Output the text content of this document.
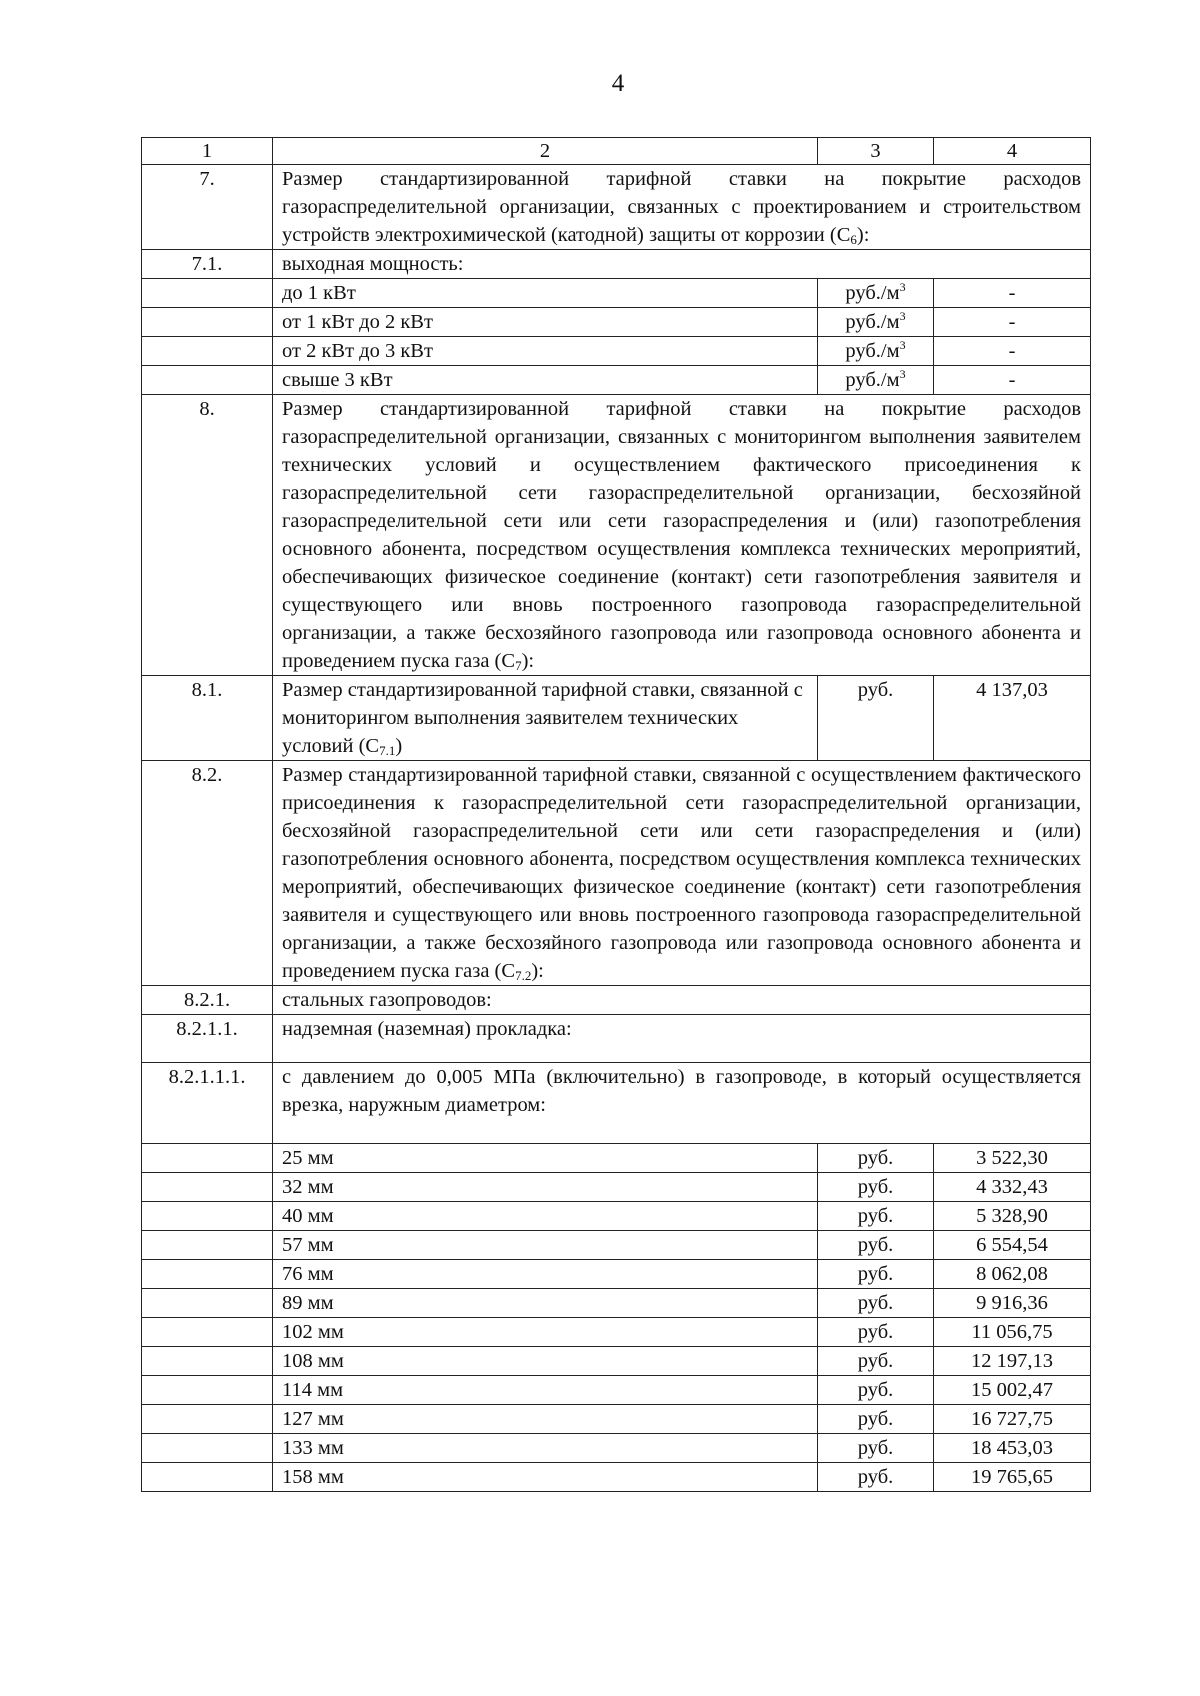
4
1	2	3	4
7.	Размер стандартизированной тарифной ставки на покрытие расходов газораспределительной организации, связанных с проектированием и строительством устройств электрохимической (катодной) защиты от коррозии $(C_6)$:		
7.1.	выходная мощность:		
	до 1 кВт	$руб./м^3$	-
	от 1 кВт до 2 кВт	$руб./м^3$	-
	от 2 кВт до 3 кВт	$руб./м^3$	-
	свыше 3 кВт	$руб./м^3$	-
8.	Размер стандартизированной тарифной ставки на покрытие расходов газораспределительной организации, связанных с мониторингом выполнения заявителем технических условий и осуществлением фактического присоединения к газораспределительной сети газораспределительной организации, бесхозяйной газораспределительной сети или сети газораспределения и (или) газопотребления основного абонента, посредством осуществления комплекса технических мероприятий, обеспечивающих физическое соединение (контакт) сети газопотребления заявителя и существующего или вновь построенного газопровода газораспределительной организации, а также бесхозяйного газопровода или газопровода основного абонента и проведением пуска газа $(C_7)$:		
8.1.	Размер стандартизированной тарифной ставки, связанной с мониторингом выполнения заявителем технических условий $(C_{7.1})$	руб.	4 137,03
8.2.	Размер стандартизированной тарифной ставки, связанной с осуществлением фактического присоединения к газораспределительной сети газораспределительной организации, бесхозяйной газораспределительной сети или сети газораспределения и (или) газопотребления основного абонента, посредством осуществления комплекса технических мероприятий, обеспечивающих физическое соединение (контакт) сети газопотребления заявителя и существующего или вновь построенного газопровода газораспределительной организации, а также бесхозяйного газопровода или газопровода основного абонента и проведением пуска газа $(C_{7.2})$:		
8.2.1.	стальных газопроводов:		
8.2.1.1.	надземная (наземная) прокладка:		
8.2.1.1.1.	с давлением до 0,005 МПа (включительно) в газопроводе, в который осуществляется врезка, наружным диаметром:		
	25 мм	руб.	3 522,30
	32 мм	руб.	4 332,43
	40 мм	руб.	5 328,90
	57 мм	руб.	6 554,54
	76 мм	руб.	8 062,08
	89 мм	руб.	9 916,36
	102 мм	руб.	11 056,75
	108 мм	руб.	12 197,13
	114 мм	руб.	15 002,47
	127 мм	руб.	16 727,75
	133 мм	руб.	18 453,03
	158 мм	руб.	19 765,65
